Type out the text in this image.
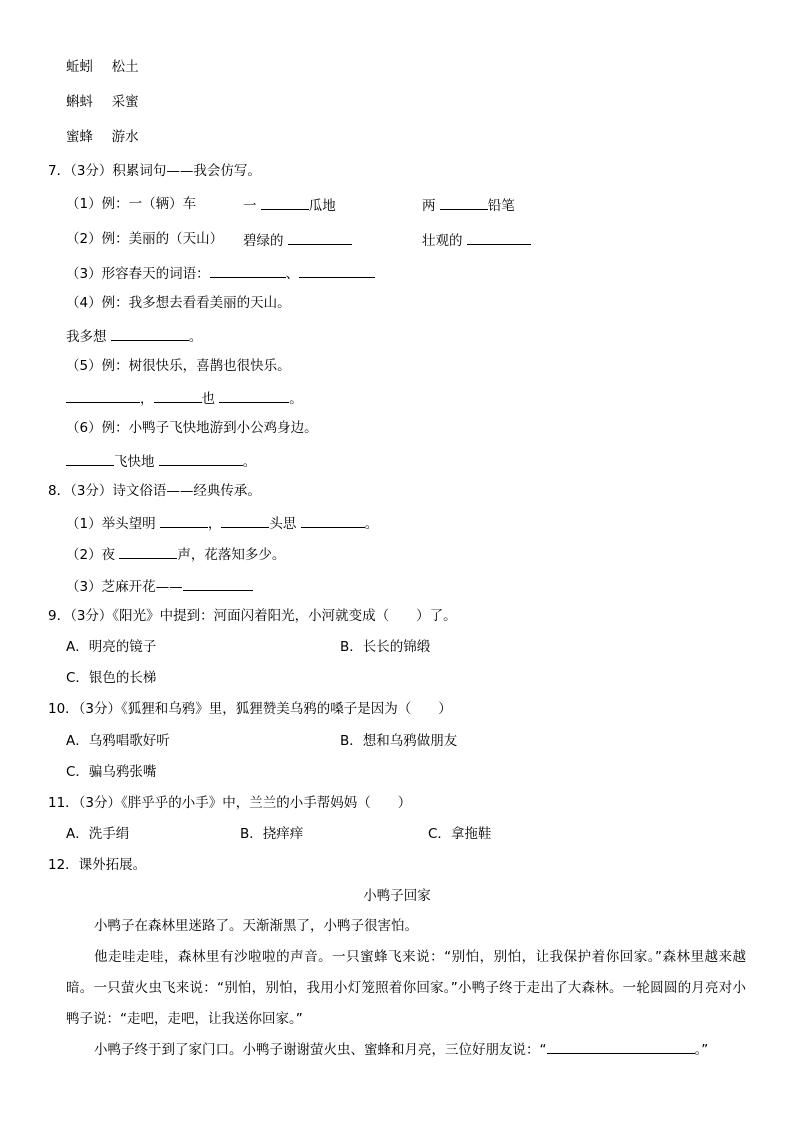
蚯蚓 松土
蝌蚪 采蜜
蜜蜂 游水
7．（3分）积累词句——我会仿写。
（1）例：一（辆）车	一	瓜地	两	铅笔
（2）例：美丽的（天山） 碧绿的	壮观的
（3）形容春天的词语：	、
（4）例：我多想去看看美丽的天山。
我多想	。
（5）例：树很快乐，喜鹊也很快乐。
，	也	。
（6）例：小鸭子飞快地游到小公鸡身边。
飞快地	。
8．（3分）诗文俗语——经典传承。
（1）举头望明	，	头思	。
（2）夜	声，花落知多少。
（3）芝麻开花——
9．（3分）《阳光》中提到：河面闪着阳光，小河就变成（　　）了。
A．明亮的镜子	B．长长的锦缎
C．银色的长梯
10．（3分）《狐狸和乌鸦》里，狐狸赞美乌鸦的嗓子是因为（　　）
A．乌鸦唱歌好听	B．想和乌鸦做朋友
C．骗乌鸦张嘴
11．（3分）《胖乎乎的小手》中，兰兰的小手帮妈妈（　　）
A．洗手绢	B．挠痒痒	C．拿拖鞋
12．课外拓展。
小鸭子回家
小鸭子在森林里迷路了。天渐渐黑了，小鸭子很害怕。
他走哇走哇，森林里有沙啦啦的声音。一只蜜蜂飞来说：“别怕，别怕，让我保护着你回家。”森林里越来越暗。一只萤火虫飞来说：“别怕，别怕，我用小灯笼照着你回家。”小鸭子终于走出了大森林。一轮圆圆的月亮对小鸭子说：“走吧，走吧，让我送你回家。”
小鸭子终于到了家门口。小鸭子谢谢萤火虫、蜜蜂和月亮，三位好朋友说：“	。”
